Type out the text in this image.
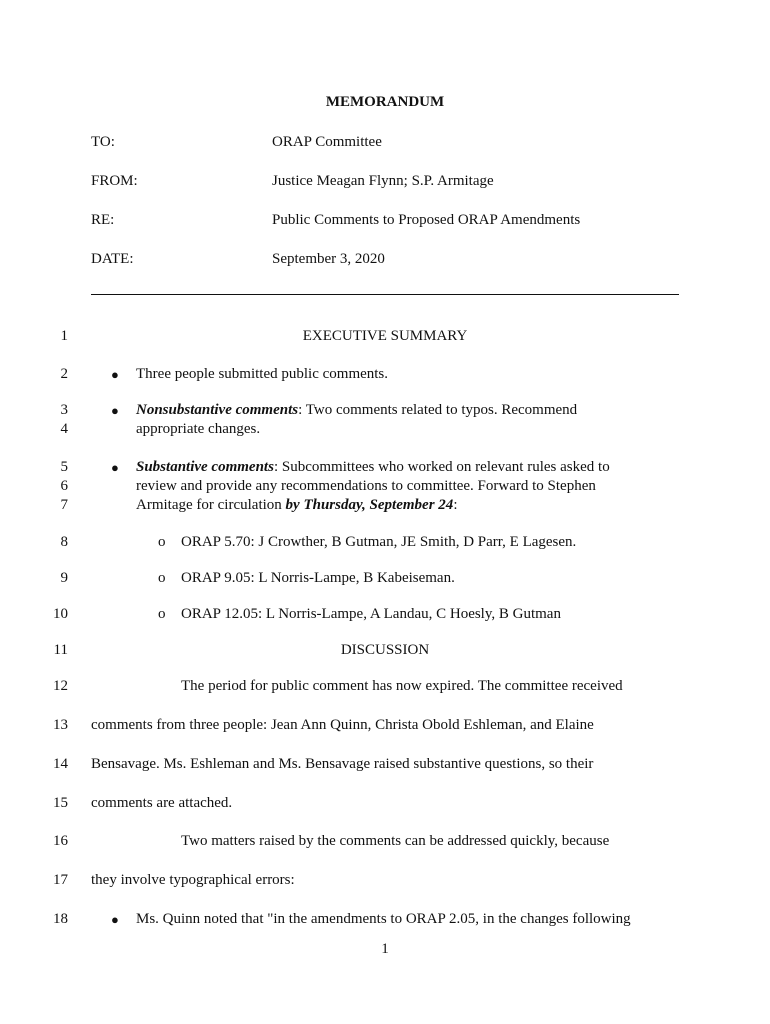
MEMORANDUM
TO:	ORAP Committee
FROM:	Justice Meagan Flynn; S.P. Armitage
RE:	Public Comments to Proposed ORAP Amendments
DATE:	September 3, 2020
1
2
3
4
5
6
7
8
9
10
11
12
13
14
15
16
17
18
EXECUTIVE SUMMARY
● Three people submitted public comments.
● Nonsubstantive comments: Two comments related to typos. Recommend
appropriate changes.
● Substantive comments: Subcommittees who worked on relevant rules asked to
review and provide any recommendations to committee. Forward to Stephen
Armitage for circulation by Thursday, September 24:
o ORAP 5.70: J Crowther, B Gutman, JE Smith, D Parr, E Lagesen.
o ORAP 9.05: L Norris-Lampe, B Kabeiseman.
o ORAP 12.05: L Norris-Lampe, A Landau, C Hoesly, B Gutman
DISCUSSION
The period for public comment has now expired. The committee received
comments from three people: Jean Ann Quinn, Christa Obold Eshleman, and Elaine
Bensavage. Ms. Eshleman and Ms. Bensavage raised substantive questions, so their
comments are attached.
Two matters raised by the comments can be addressed quickly, because
they involve typographical errors:
● Ms. Quinn noted that "in the amendments to ORAP 2.05, in the changes following
1
